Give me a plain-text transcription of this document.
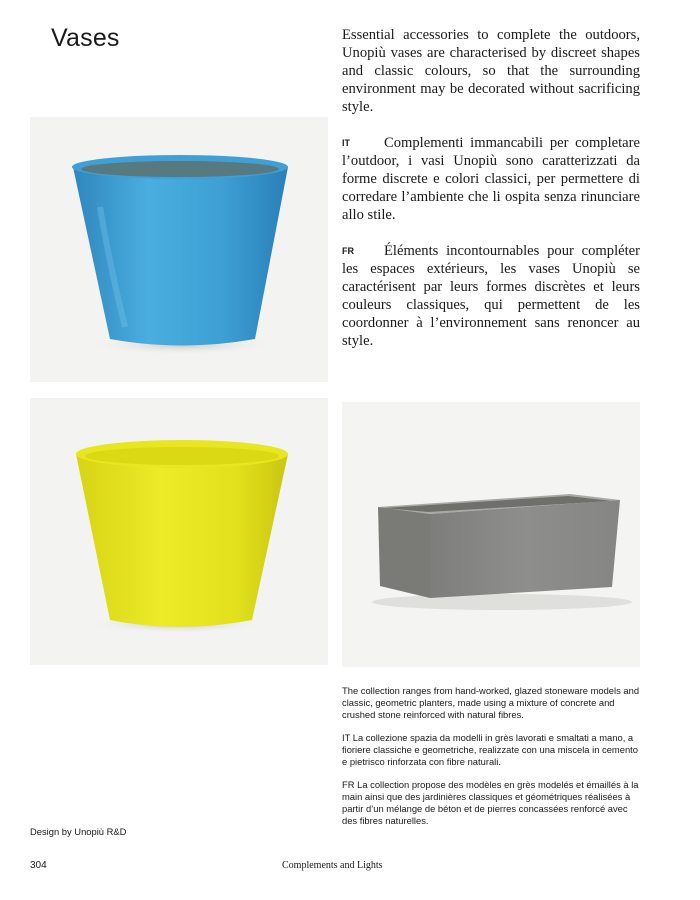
Vases	Essential accessories to complete the outdoors, Unopiù vases are characterised by discreet shapes and classic colours, so that the surrounding environment may be decorated without sacrificing style.

IT Complementi immancabili per completare l’outdoor, i vasi Unopiù sono caratterizzati da forme discrete e colori classici, per permettere di corredare l’ambiente che li ospita senza rinunciare allo stile.

FR Éléments incontournables pour compléter les espaces extérieurs, les vases Unopiù se caractérisent par leurs formes discrètes et leurs couleurs classiques, qui permettent de les coordonner à l’environnement sans renoncer au style.

The collection ranges from hand-worked, glazed stoneware models and classic, geometric planters, made using a mixture of concrete and crushed stone reinforced with natural fibres.

IT La collezione spazia da modelli in grès lavorati e smaltati a mano, a fioriere classiche e geometriche, realizzate con una miscela in cemento e pietrisco rinforzata con fibre naturali.

FR La collection propose des modèles en grès modelés et émaillés à la main ainsi que des jardinières classiques et géométriques réalisées à partir d’un mélange de béton et de pierres concassées renforcé avec des fibres naturelles.

Design by Unopiù R&D
304	Complements and Lights
